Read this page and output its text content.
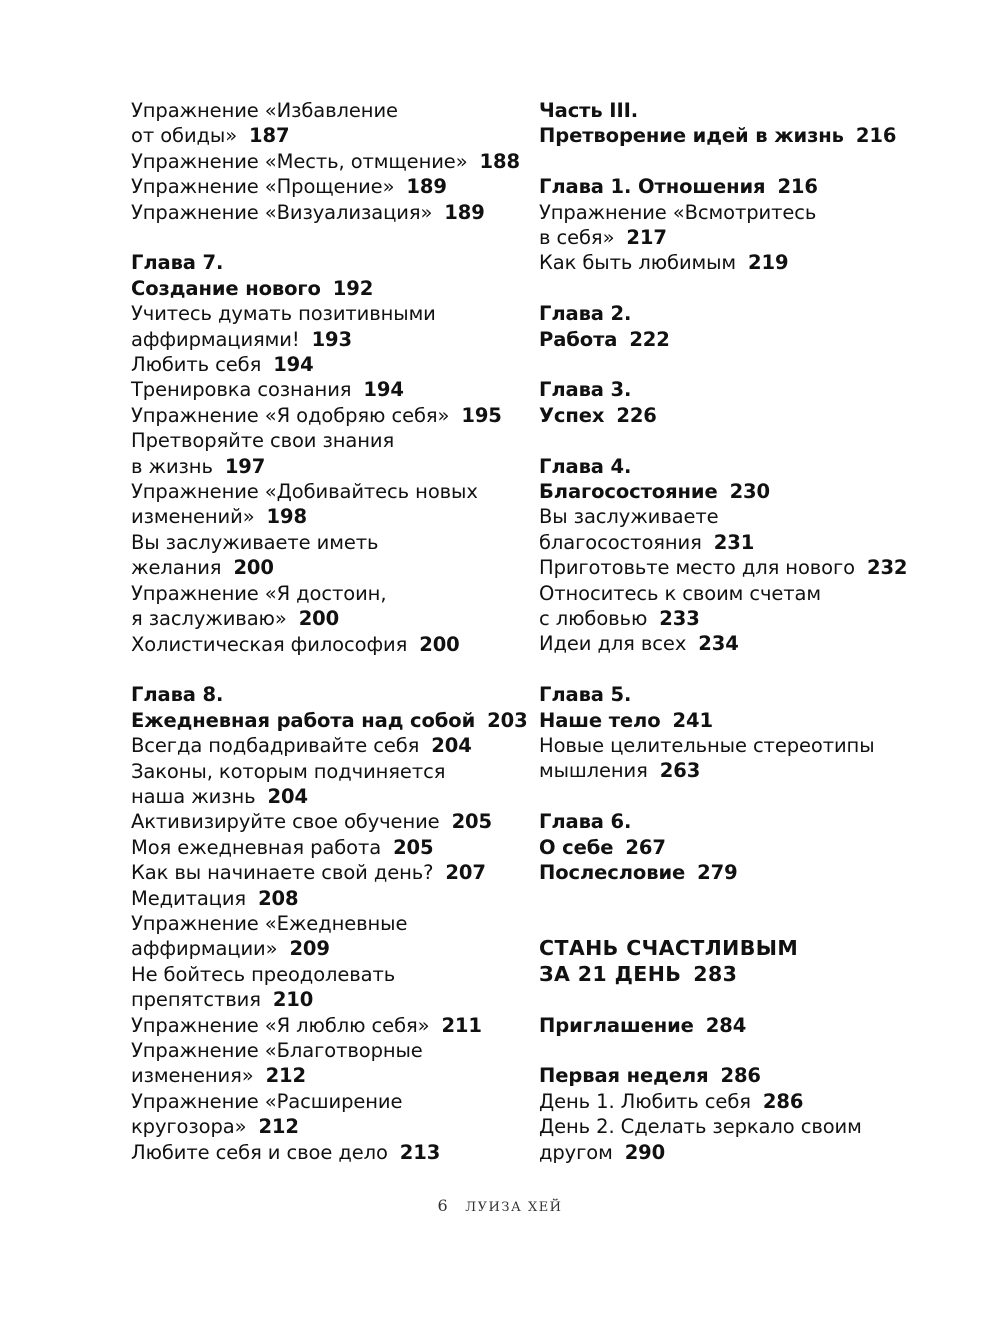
Упражнение «Избавление
от обиды» 187
Упражнение «Месть, отмщение» 188
Упражнение «Прощение» 189
Упражнение «Визуализация» 189
Глава 7.
Создание нового 192
Учитесь думать позитивными
аффирмациями! 193
Любить себя 194
Тренировка сознания 194
Упражнение «Я одобряю себя» 195
Претворяйте свои знания
в жизнь 197
Упражнение «Добивайтесь новых
изменений» 198
Вы заслуживаете иметь
желания 200
Упражнение «Я достоин,
я заслуживаю» 200
Холистическая философия 200
Глава 8.
Ежедневная работа над собой 203
Всегда подбадривайте себя 204
Законы, которым подчиняется
наша жизнь 204
Активизируйте свое обучение 205
Моя ежедневная работа 205
Как вы начинаете свой день? 207
Медитация 208
Упражнение «Ежедневные
аффирмации» 209
Не бойтесь преодолевать
препятствия 210
Упражнение «Я люблю себя» 211
Упражнение «Благотворные
изменения» 212
Упражнение «Расширение
кругозора» 212
Любите себя и свое дело 213
Часть III.
Претворение идей в жизнь 216
Глава 1. Отношения 216
Упражнение «Всмотритесь
в себя» 217
Как быть любимым 219
Глава 2.
Работа 222
Глава 3.
Успех 226
Глава 4.
Благосостояние 230
Вы заслуживаете
благосостояния 231
Приготовьте место для нового 232
Относитесь к своим счетам
с любовью 233
Идеи для всех 234
Глава 5.
Наше тело 241
Новые целительные стереотипы
мышления 263
Глава 6.
О себе 267
Послесловие 279
СТАНЬ СЧАСТЛИВЫМ
ЗА 21 ДЕНЬ 283
Приглашение 284
Первая неделя 286
День 1. Любить себя 286
День 2. Сделать зеркало своим
другом 290
6 ЛУИЗА ХЕЙ
